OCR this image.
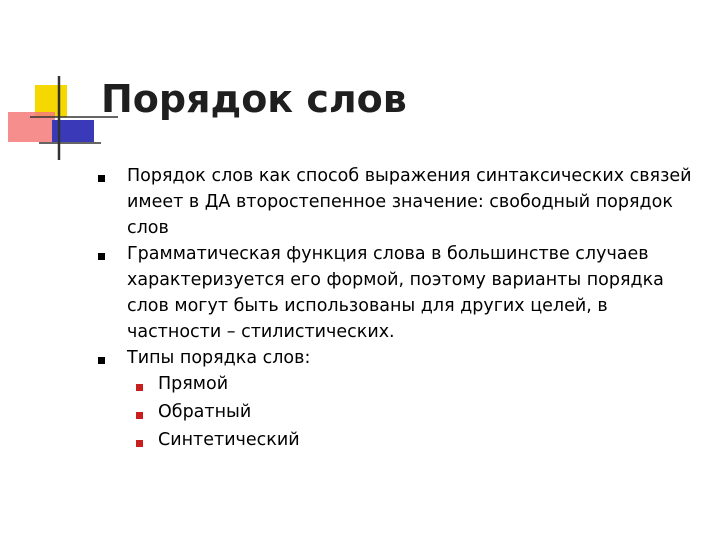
Порядок слов
Порядок слов как способ выражения синтаксических связей
имеет в ДА второстепенное значение: свободный порядок
слов
Грамматическая функция слова в большинстве случаев
характеризуется его формой, поэтому варианты порядка
слов могут быть использованы для других целей, в
частности – стилистических.
Типы порядка слов:
Прямой
Обратный
Синтетический
